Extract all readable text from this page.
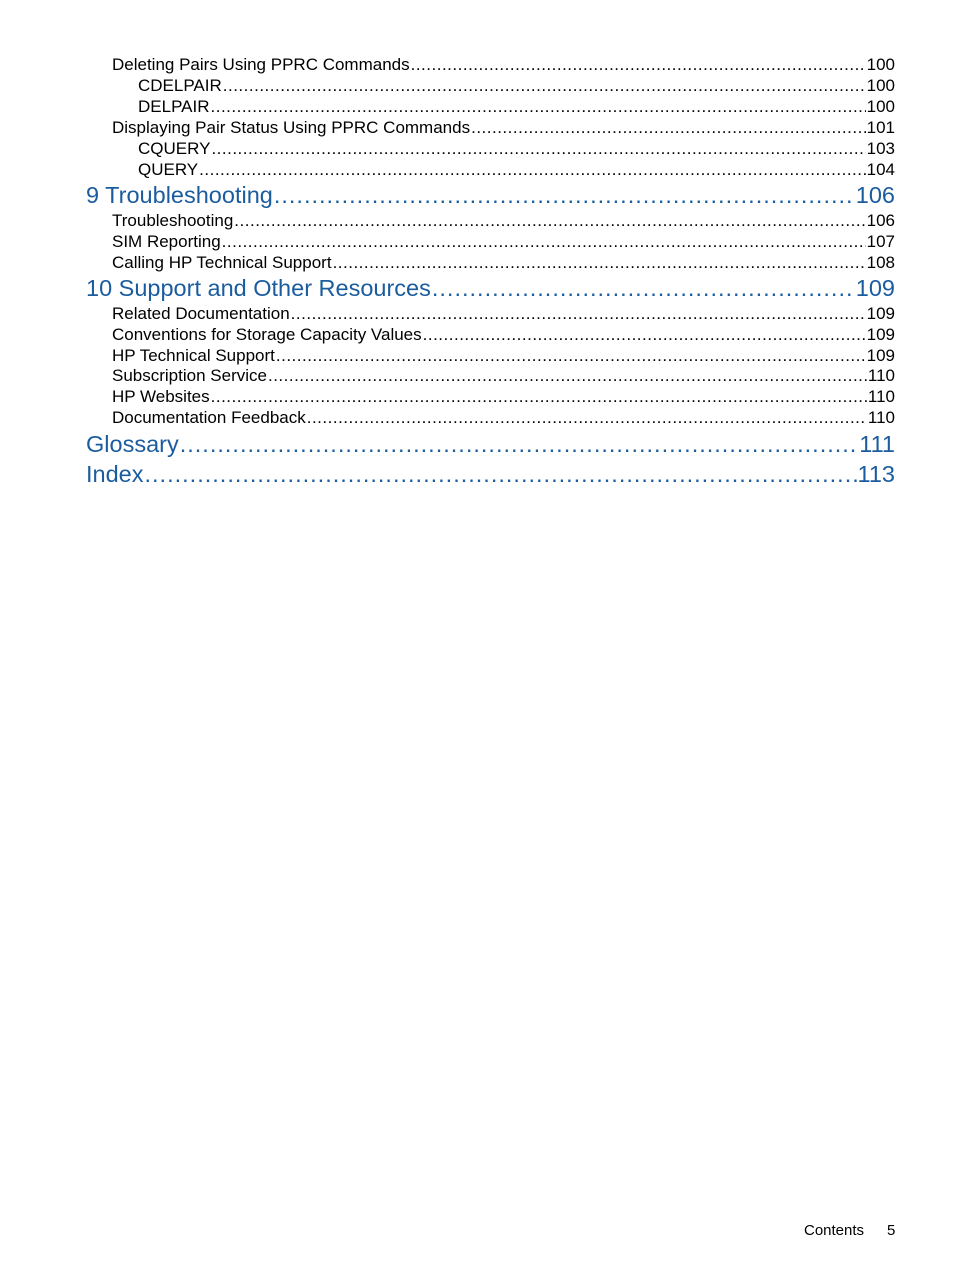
Deleting Pairs Using PPRC Commands .....	100
CDELPAIR .....	100
DELPAIR .....	100
Displaying Pair Status Using PPRC Commands .....	101
CQUERY .....	103
QUERY .....	104
9 Troubleshooting .....	106
Troubleshooting .....	106
SIM Reporting .....	107
Calling HP Technical Support .....	108
10 Support and Other Resources .....	109
Related Documentation .....	109
Conventions for Storage Capacity Values .....	109
HP Technical Support .....	109
Subscription Service .....	110
HP Websites .....	110
Documentation Feedback .....	110
Glossary .....	111
Index .....	113
Contents 5
